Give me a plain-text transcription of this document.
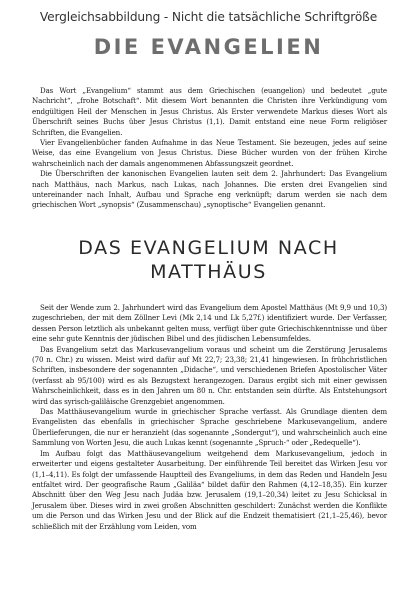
Vergleichsabbildung - Nicht die tatsächliche Schriftgröße
DIE EVANGELIEN

Das Wort „Evangelium“ stammt aus dem Griechischen (euangelion) und bedeutet „gute Nachricht“, „frohe Botschaft“. Mit diesem Wort benannten die Christen ihre Verkündigung vom endgültigen Heil der Menschen in Jesus Christus. Als Erster verwendete Markus dieses Wort als Überschrift seines Buchs über Jesus Christus (1,1). Damit entstand eine neue Form religiöser Schriften, die Evangelien.

Vier Evangelienbücher fanden Aufnahme in das Neue Testament. Sie bezeugen, jedes auf seine Weise, das eine Evangelium von Jesus Christus. Diese Bücher wurden von der frühen Kirche wahrscheinlich nach der damals angenommenen Abfassungszeit geordnet.

Die Überschriften der kanonischen Evangelien lauten seit dem 2. Jahrhundert: Das Evangelium nach Matthäus, nach Markus, nach Lukas, nach Johannes. Die ersten drei Evangelien sind untereinander nach Inhalt, Aufbau und Sprache eng verknüpft; darum werden sie nach dem griechischen Wort „synopsis“ (Zusammenschau) „synoptische“ Evangelien genannt.

DAS EVANGELIUM NACH
MATTHÄUS

Seit der Wende zum 2. Jahrhundert wird das Evangelium dem Apostel Matthäus (Mt 9,9 und 10,3) zugeschrieben, der mit dem Zöllner Levi (Mk 2,14 und Lk 5,27f.) identifiziert wurde. Der Verfasser, dessen Person letztlich als unbekannt gelten muss, verfügt über gute Griechischkenntnisse und über eine sehr gute Kenntnis der jüdischen Bibel und des jüdischen Lebensumfeldes.

Das Evangelium setzt das Markusevangelium voraus und scheint um die Zerstörung Jerusalems (70 n. Chr.) zu wissen. Meist wird dafür auf Mt 22,7; 23,38; 21,41 hingewiesen. In frühchristlichen Schriften, insbesondere der sogenannten „Didache“, und verschiedenen Briefen Apostolischer Väter (verfasst ab 95/100) wird es als Bezugstext herangezogen. Daraus ergibt sich mit einer gewissen Wahrscheinlichkeit, dass es in den Jahren um 80 n. Chr. entstanden sein dürfte. Als Entstehungsort wird das syrisch-galiläische Grenzgebiet angenommen.

Das Matthäusevangelium wurde in griechischer Sprache verfasst. Als Grundlage dienten dem Evangelisten das ebenfalls in griechischer Sprache geschriebene Markusevangelium, andere Überlieferungen, die nur er heranzieht (das sogenannte „Sondergut“), und wahrscheinlich auch eine Sammlung von Worten Jesu, die auch Lukas kennt (sogenannte „Spruch-“ oder „Redequelle“).

Im Aufbau folgt das Matthäusevangelium weitgehend dem Markusevangelium, jedoch in erweiterter und eigens gestalteter Ausarbeitung. Der einführende Teil bereitet das Wirken Jesu vor (1,1–4,11). Es folgt der umfassende Hauptteil des Evangeliums, in dem das Reden und Handeln Jesu entfaltet wird. Der geografische Raum „Galiläa“ bildet dafür den Rahmen (4,12–18,35). Ein kurzer Abschnitt über den Weg Jesu nach Judäa bzw. Jerusalem (19,1–20,34) leitet zu Jesu Schicksal in Jerusalem über. Dieses wird in zwei großen Abschnitten geschildert: Zunächst werden die Konflikte um die Person und das Wirken Jesu und der Blick auf die Endzeit thematisiert (21,1–25,46), bevor schließlich mit der Erzählung vom Leiden, vom
